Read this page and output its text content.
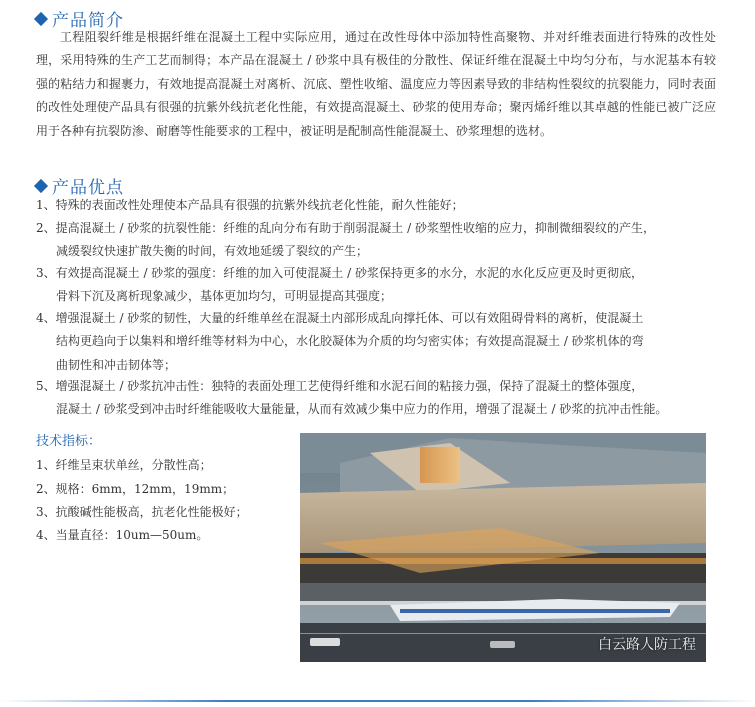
产品简介
工程阻裂纤维是根据纤维在混凝土工程中实际应用，通过在改性母体中添加特性高聚物、并对纤维表面进行特殊的改性处理，采用特殊的生产工艺而制得；本产品在混凝土 / 砂浆中具有极佳的分散性、保证纤维在混凝土中均匀分布，与水泥基本有较强的粘结力和握裹力，有效地提高混凝土对离析、沉底、塑性收缩、温度应力等因素导致的非结构性裂纹的抗裂能力，同时表面的改性处理使产品具有很强的抗紫外线抗老化性能，有效提高混凝土、砂浆的使用寿命；聚丙烯纤维以其卓越的性能已被广泛应用于各种有抗裂防渗、耐磨等性能要求的工程中，被证明是配制高性能混凝土、砂浆理想的选材。
产品优点
1、特殊的表面改性处理使本产品具有很强的抗紫外线抗老化性能，耐久性能好；
2、提高混凝土 / 砂浆的抗裂性能：纤维的乱向分布有助于削弱混凝土 / 砂浆塑性收缩的应力，抑制微细裂纹的产生，
减缓裂纹快速扩散失衡的时间，有效地延缓了裂纹的产生；
3、有效提高混凝土 / 砂浆的强度：纤维的加入可使混凝土 / 砂浆保持更多的水分，水泥的水化反应更及时更彻底，
骨料下沉及离析现象减少，基体更加均匀，可明显提高其强度；
4、增强混凝土 / 砂浆的韧性，大量的纤维单丝在混凝土内部形成乱向撑托体、可以有效阻碍骨料的离析，使混凝土
结构更趋向于以集料和增纤维等材料为中心，水化胶凝体为介质的均匀密实体；有效提高混凝土 / 砂浆机体的弯
曲韧性和冲击韧体等；
5、增强混凝土 / 砂浆抗冲击性：独特的表面处理工艺使得纤维和水泥石间的粘接力强，保持了混凝土的整体强度，
混凝土 / 砂浆受到冲击时纤维能吸收大量能量，从而有效减少集中应力的作用，增强了混凝土 / 砂浆的抗冲击性能。
技术指标：
1、纤维呈束状单丝，分散性高；
2、规格：6mm，12mm，19mm；
3、抗酸碱性能极高，抗老化性能极好；
4、当量直径：10um—50um。
白云路人防工程
